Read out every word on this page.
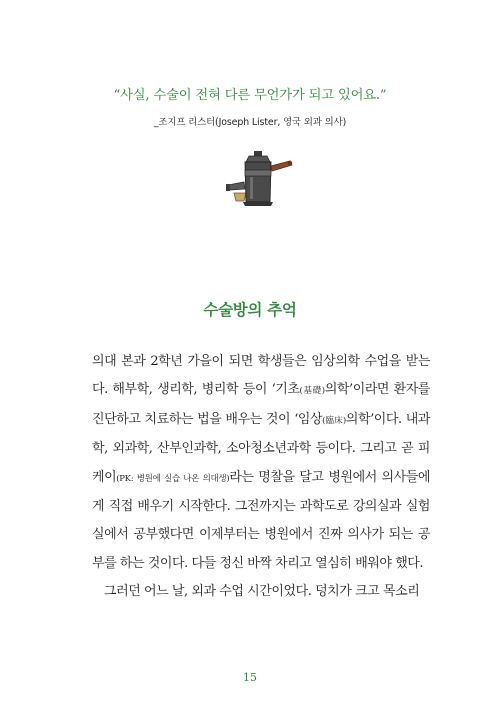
“사실, 수술이 전혀 다른 무언가가 되고 있어요.”
_조지프 리스터(Joseph Lister, 영국 외과 의사)
수술방의 추억

의대 본과 2학년 가을이 되면 학생들은 임상의학 수업을 받는다. 해부학, 생리학, 병리학 등이 ‘기초(基礎)의학’이라면 환자를 진단하고 치료하는 법을 배우는 것이 ‘임상(臨床)의학’이다. 내과학, 외과학, 산부인과학, 소아청소년과학 등이다. 그리고 곧 피케이(PK: 병원에 실습 나온 의대생)라는 명찰을 달고 병원에서 의사들에게 직접 배우기 시작한다. 그전까지는 과학도로 강의실과 실험실에서 공부했다면 이제부터는 병원에서 진짜 의사가 되는 공부를 하는 것이다. 다들 정신 바짝 차리고 열심히 배워야 했다.

그러던 어느 날, 외과 수업 시간이었다. 덩치가 크고 목소리

15
